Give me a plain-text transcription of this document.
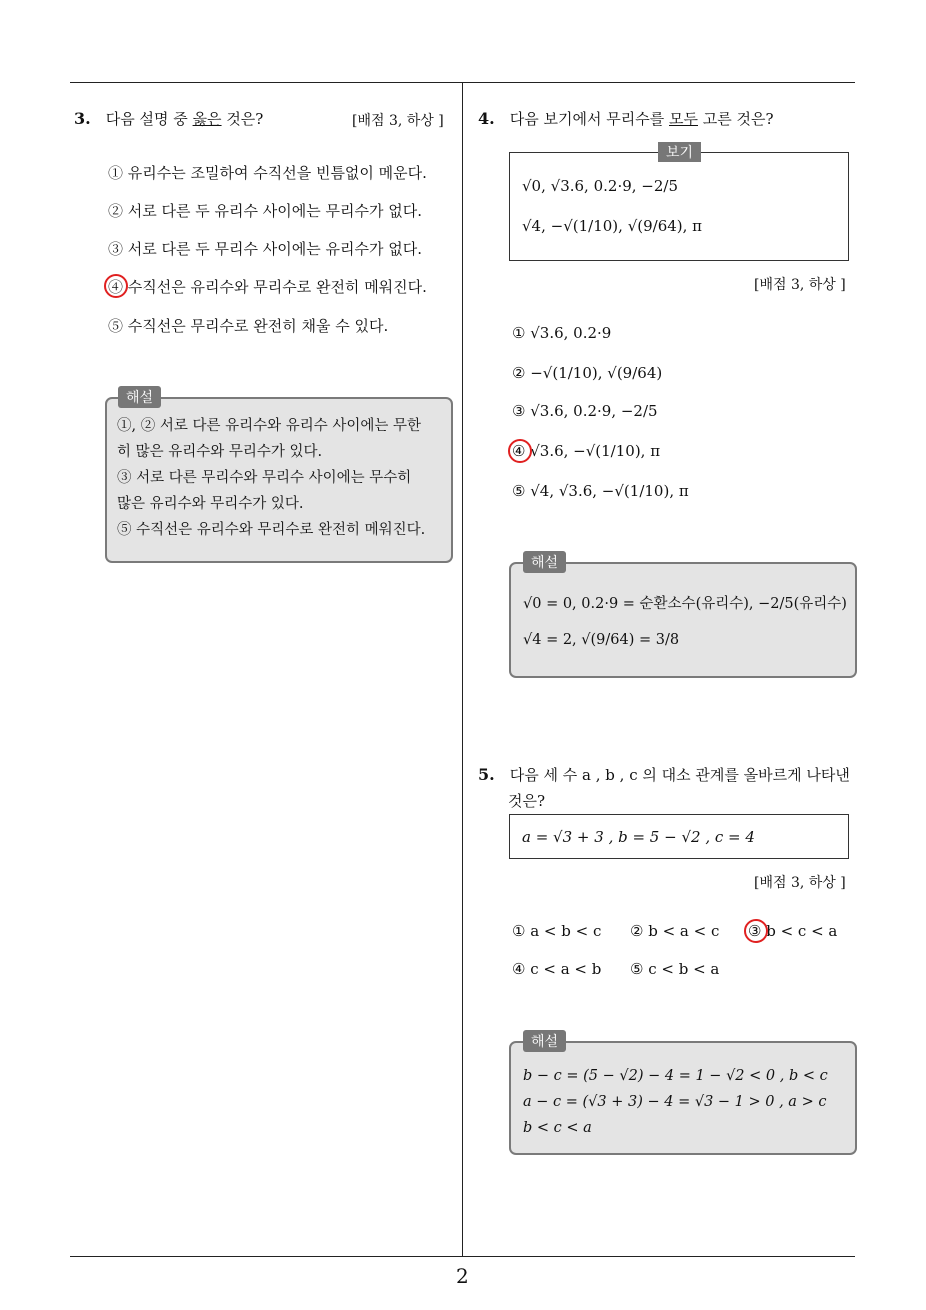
2
3. 다음 설명 중 옳은 것은?	[배점 3, 하상 ]
① 유리수는 조밀하여 수직선을 빈틈없이 메운다.
② 서로 다른 두 유리수 사이에는 무리수가 없다.
③ 서로 다른 두 무리수 사이에는 유리수가 없다.
④ 수직선은 유리수와 무리수로 완전히 메워진다.
⑤ 수직선은 무리수로 완전히 채울 수 있다.
①, ② 서로 다른 유리수와 유리수 사이에는 무한
히 많은 유리수와 무리수가 있다.
③ 서로 다른 무리수와 무리수 사이에는 무수히
많은 유리수와 무리수가 있다.
⑤ 수직선은 유리수와 무리수로 완전히 메워진다.
해설
4. 다음 보기에서 무리수를 모두 고른 것은?
√0, √3.6, 0.2·9, −2/5
√4, −√(1/10), √(9/64), π
보기
[배점 3, 하상 ]
① √3.6, 0.2·9
② −√(1/10), √(9/64)
③ √3.6, 0.2·9, −2/5
④ √3.6, −√(1/10), π
⑤ √4, √3.6, −√(1/10), π
√0 = 0, 0.2·9 = 순환소수(유리수), −2/5(유리수)
√4 = 2, √(9/64) = 3/8
해설
5. 다음 세 수 a , b , c 의 대소 관계를 올바르게 나타낸
것은?
a = √3 + 3 , b = 5 − √2 , c = 4
[배점 3, 하상 ]
① a < b < c ② b < a < c ③ b < c < a
④ c < a < b ⑤ c < b < a
b − c = (5 − √2) − 4 = 1 − √2 < 0 , b < c
a − c = (√3 + 3) − 4 = √3 − 1 > 0 , a > c
b < c < a
해설
